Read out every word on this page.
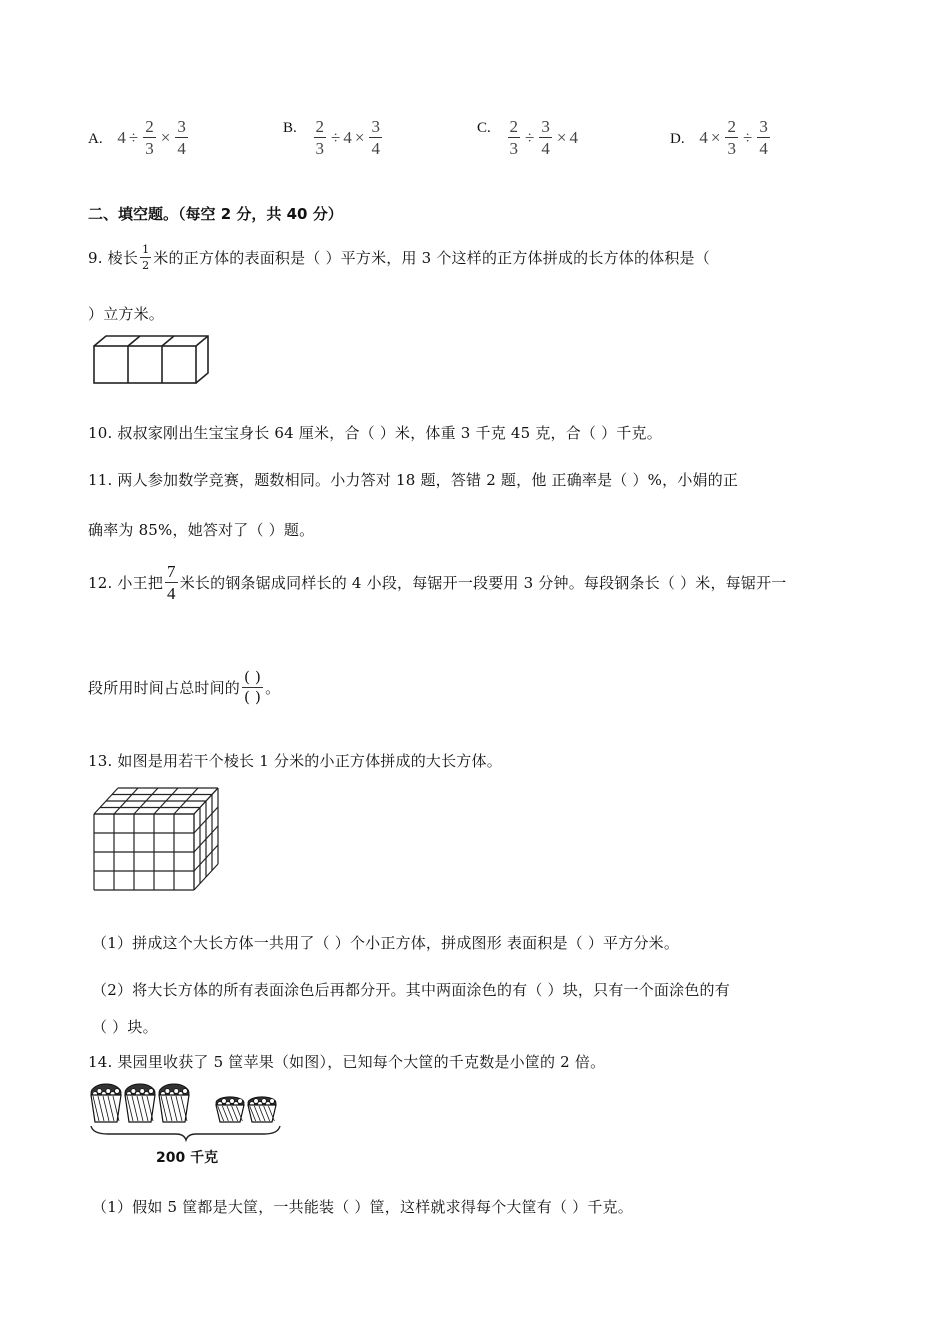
A. $4 \div \frac{2}{3} \times \frac{3}{4}$	B. $\frac{2}{3} \div 4 \times \frac{3}{4}$	C. $\frac{2}{3} \div \frac{3}{4} \times 4$	D. $4 \times \frac{2}{3} \div \frac{3}{4}$
二、填空题。（每空 2 分，共 40 分）
9. 棱长 $\frac{1}{2}$ 米的正方体的表面积是（ ）平方米，用 3 个这样的正方体拼成的长方体的体积是（
）立方米。
10. 叔叔家刚出生宝宝身长 64 厘米，合（ ）米，体重 3 千克 45 克，合（ ）千克。
11. 两人参加数学竞赛，题数相同。小力答对 18 题，答错 2 题，他 正确率是（ ）%，小娟的正
确率为 85%，她答对了（ ）题。
12. 小王把 $\frac{7}{4}$ 米长的钢条锯成同样长的 4 小段，每锯开一段要用 3 分钟。每段钢条长（ ）米，每锯开一
段所用时间占总时间的 $\frac{( )}{( )}$ 。
13. 如图是用若干个棱长 1 分米的小正方体拼成的大长方体。
（1）拼成这个大长方体一共用了（ ）个小正方体，拼成图形 表面积是（ ）平方分米。
（2）将大长方体的所有表面涂色后再都分开。其中两面涂色的有（ ）块，只有一个面涂色的有
（ ）块。
14. 果园里收获了 5 筐苹果（如图），已知每个大筐的千克数是小筐的 2 倍。
200 千克
（1）假如 5 筐都是大筐，一共能装（ ）筐，这样就求得每个大筐有（ ）千克。
